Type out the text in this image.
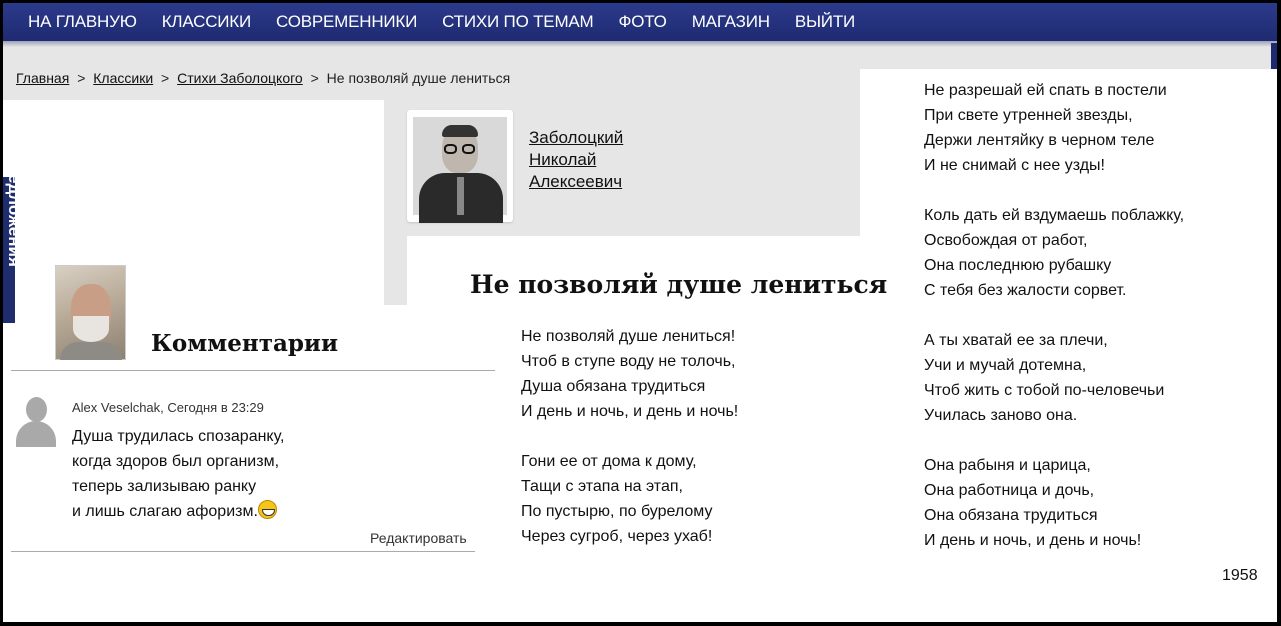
НА ГЛАВНУЮ КЛАССИКИ СОВРЕМЕННИКИ СТИХИ ПО ТЕМАМ ФОТО МАГАЗИН ВЫЙТИ
Главная > Классики > Стихи Заболоцкого > Не позволяй душе лениться
едложения
Заболоцкий
Николай
Алексеевич
Не позволяй душе лениться
Не позволяй душе лениться!
Чтоб в ступе воду не толочь,
Душа обязана трудиться
И день и ночь, и день и ночь!
Гони ее от дома к дому,
Тащи с этапа на этап,
По пустырю, по бурелому
Через сугроб, через ухаб!
Не разрешай ей спать в постели
При свете утренней звезды,
Держи лентяйку в черном теле
И не снимай с нее узды!
Коль дать ей вздумаешь поблажку,
Освобождая от работ,
Она последнюю рубашку
С тебя без жалости сорвет.
А ты хватай ее за плечи,
Учи и мучай дотемна,
Чтоб жить с тобой по-человечьи
Училась заново она.
Она рабыня и царица,
Она работница и дочь,
Она обязана трудиться
И день и ночь, и день и ночь!
1958
Комментарии
Alex Veselchak, Сегодня в 23:29
Душа трудилась спозаранку,
когда здоров был организм,
теперь зализываю ранку
и лишь слагаю афоризм.
Редактировать
